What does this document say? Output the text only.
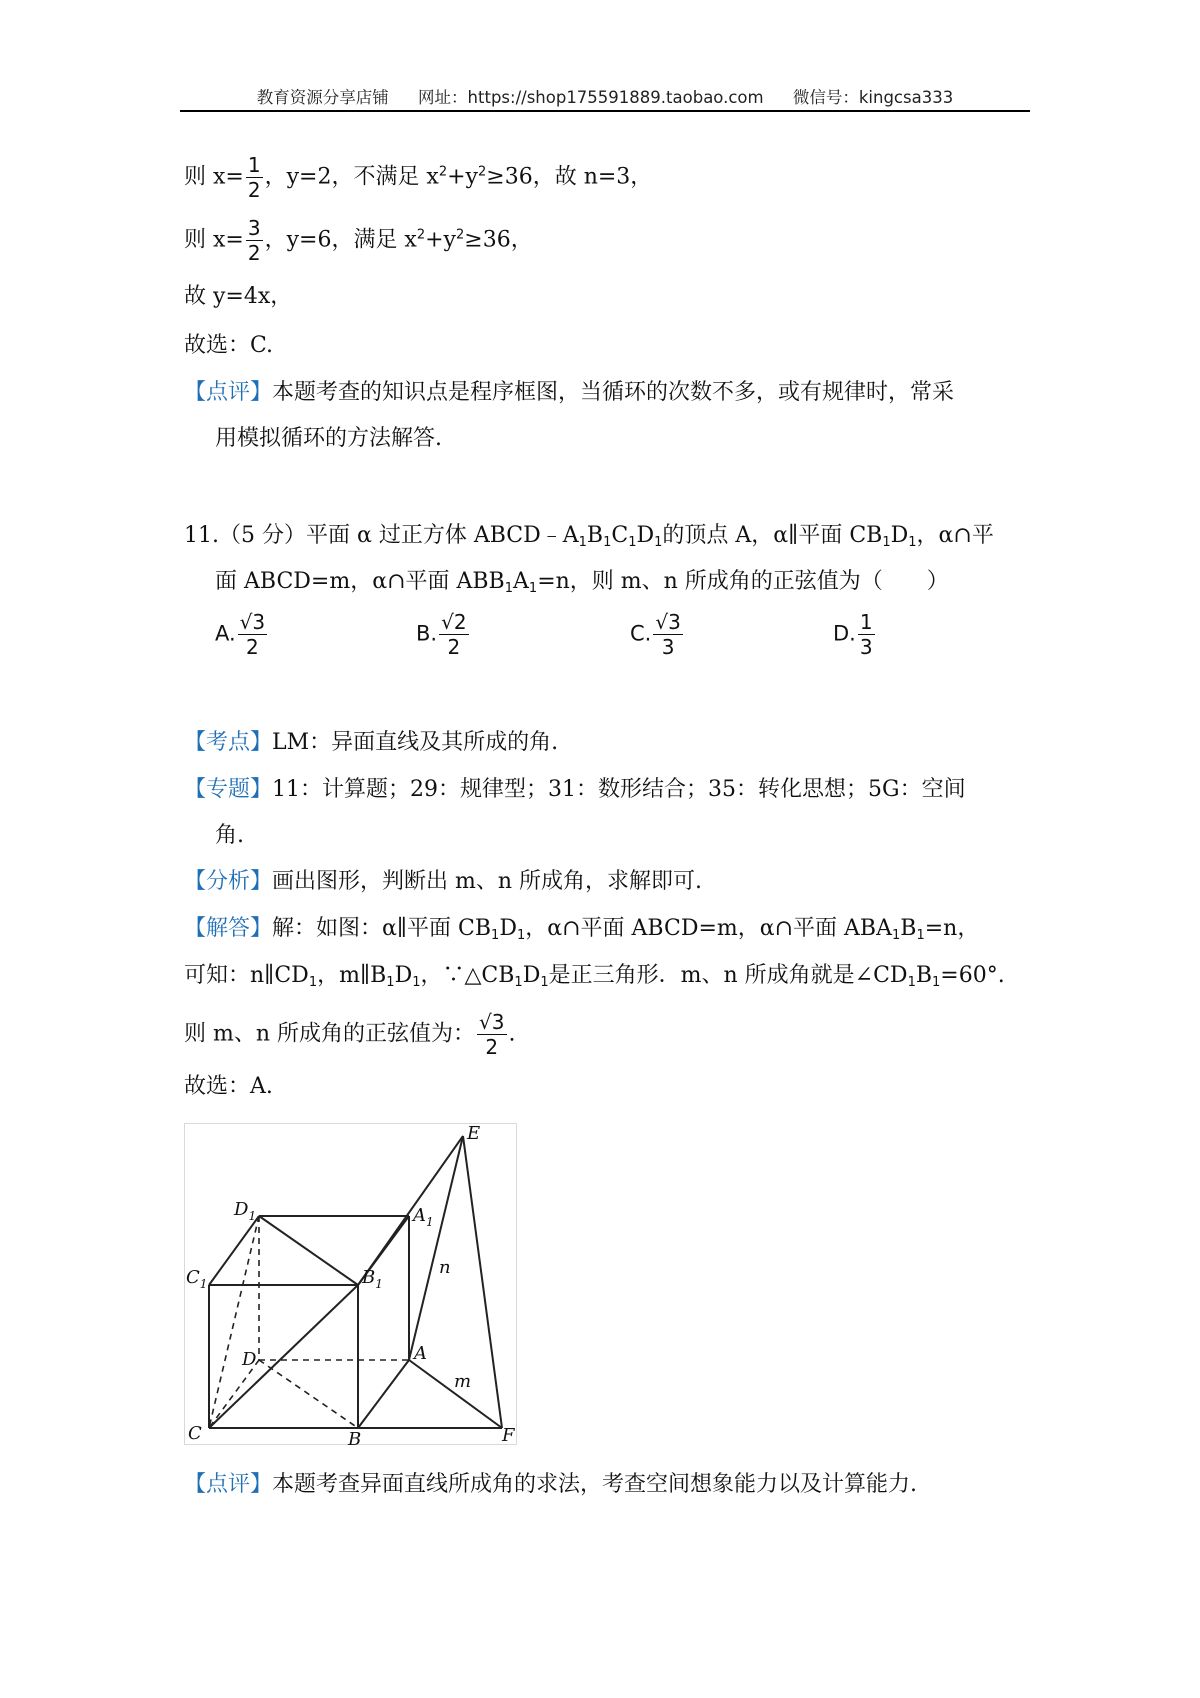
教育资源分享店铺 网址：https://shop175591889.taobao.com 微信号：kingcsa333
则 $x= \frac{1}{2}$ ，y=2，不满足 $x^2+y^2\ge 36$，故 n=3，
则 $x= \frac{3}{2}$ ，y=6，满足 $x^2+y^2\ge 36$，
故 y=4x，
故选：C.
【点评】本题考查的知识点是程序框图，当循环的次数不多，或有规律时，常采
用模拟循环的方法解答.
11.（5 分）平面 α 过正方体 $ABCD﹣A_1B_1C_1D_1$的顶点 A，α∥平面 $CB_1D_1$，α∩平
面 ABCD=m，α∩平面 $ABB_1A_1=n$，则 m、n 所成角的正弦值为（　　）
A. $\frac{√3}{2}$	B. $\frac{√2}{2}$	C. $\frac{√3}{3}$	D. $\frac{1}{3}$
【考点】LM：异面直线及其所成的角.
【专题】11：计算题；29：规律型；31：数形结合；35：转化思想；5G：空间
角.
【分析】画出图形，判断出 m、n 所成角，求解即可.
【解答】解：如图：α∥平面 $CB_1D_1$，α∩平面 ABCD=m，α∩平面 $ABA_1B_1=n$，
可知：$n\parallel CD_1$，$m\parallel B_1D_1$，$\because\triangle CB_1D_1$是正三角形．m、n 所成角就是$\angle CD_1B_1=60^\circ$.
则 m、n 所成角的正弦值为： $\frac{√3}{2}$ .
故选：A.
E
$D_1$	$A_1$
$C_1$	$B_1$
D	A
C	B	F
n
m
【点评】本题考查异面直线所成角的求法，考查空间想象能力以及计算能力.
